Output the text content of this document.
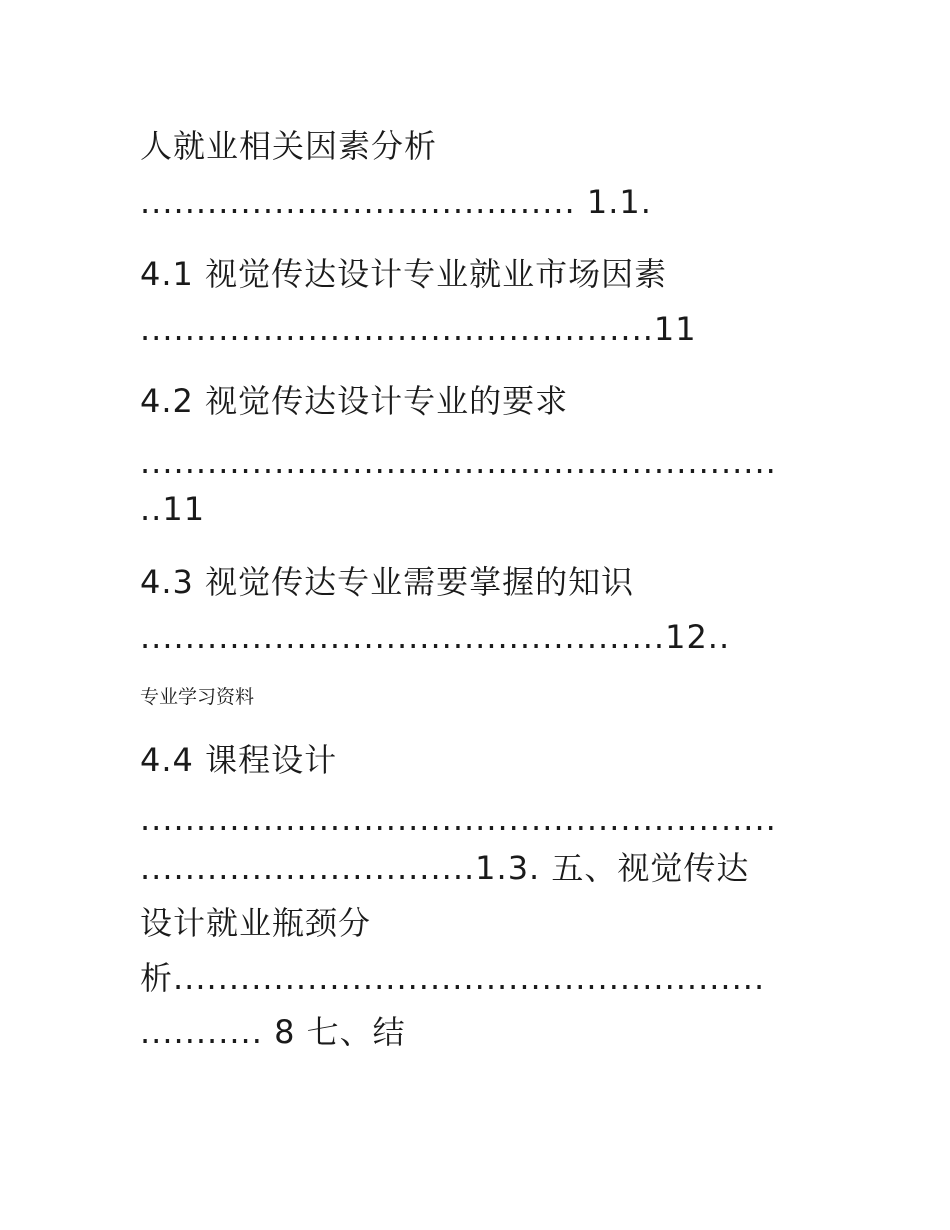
人就业相关因素分析
....................................... 1.1.
4.1 视觉传达设计专业就业市场因素
..............................................11
4.2 视觉传达设计专业的要求
.........................................................
..11
4.3 视觉传达专业需要掌握的知识
...............................................12..
专业学习资料
4.4 课程设计
.........................................................
..............................1.3. 五、视觉传达
设计就业瓶颈分
析.....................................................
........... 8 七、结
